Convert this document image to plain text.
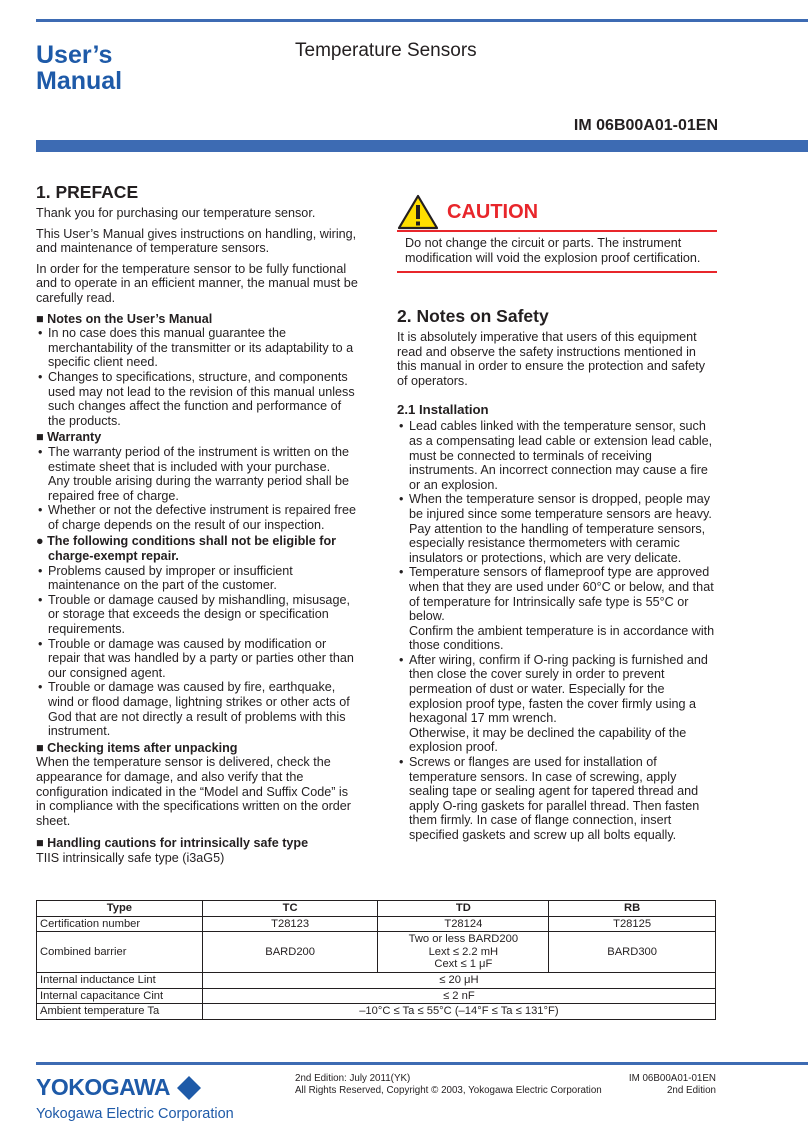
User’s
Manual
Temperature Sensors
IM 06B00A01-01EN
1. PREFACE

Thank you for purchasing our temperature sensor.

This User’s Manual gives instructions on handling, wiring, and maintenance of temperature sensors.

In order for the temperature sensor to be fully functional and to operate in an efficient manner, the manual must be carefully read.

■ Notes on the User’s Manual
• In no case does this manual guarantee the merchantability of the transmitter or its adaptability to a specific client need.
• Changes to specifications, structure, and components used may not lead to the revision of this manual unless such changes affect the function and performance of the products.
■ Warranty
• The warranty period of the instrument is written on the estimate sheet that is included with your purchase.
Any trouble arising during the warranty period shall be repaired free of charge.
• Whether or not the defective instrument is repaired free of charge depends on the result of our inspection.
● The following conditions shall not be eligible for charge-exempt repair.
• Problems caused by improper or insufficient maintenance on the part of the customer.
• Trouble or damage caused by mishandling, misusage, or storage that exceeds the design or specification requirements.
• Trouble or damage was caused by modification or repair that was handled by a party or parties other than our consigned agent.
• Trouble or damage was caused by fire, earthquake, wind or flood damage, lightning strikes or other acts of God that are not directly a result of problems with this instrument.
■ Checking items after unpacking

When the temperature sensor is delivered, check the appearance for damage, and also verify that the configuration indicated in the “Model and Suffix Code” is in compliance with the specifications written on the order sheet.

■ Handling cautions for intrinsically safe type
TIIS intrinsically safe type (i3aG5)
CAUTION
Do not change the circuit or parts. The instrument modification will void the explosion proof certification.
2. Notes on Safety

It is absolutely imperative that users of this equipment read and observe the safety instructions mentioned in this manual in order to ensure the protection and safety of operators.

2.1 Installation
• Lead cables linked with the temperature sensor, such as a compensating lead cable or extension lead cable, must be connected to terminals of receiving instruments. An incorrect connection may cause a fire or an explosion.
• When the temperature sensor is dropped, people may be injured since some temperature sensors are heavy. Pay attention to the handling of temperature sensors, especially resistance thermometers with ceramic insulators or protections, which are very delicate.
• Temperature sensors of flameproof type are approved when that they are used under 60°C or below, and that of temperature for Intrinsically safe type is 55°C or below.
Confirm the ambient temperature is in accordance with those conditions.
• After wiring, confirm if O-ring packing is furnished and then close the cover surely in order to prevent permeation of dust or water. Especially for the explosion proof type, fasten the cover firmly using a hexagonal 17 mm wrench.
Otherwise, it may be declined the capability of the explosion proof.
• Screws or flanges are used for installation of temperature sensors. In case of screwing, apply sealing tape or sealing agent for tapered thread and apply O-ring gaskets for parallel thread. Then fasten them firmly. In case of flange connection, insert specified gaskets and screw up all bolts equally.
Type	TC	TD	RB
Certification number	T28123	T28124	T28125
Combined barrier	BARD200	Two or less BARD200
Lext ≤ 2.2 mH
Cext ≤ 1 μF	BARD300
Internal inductance Lint	≤ 20 μH		
Internal capacitance Cint	≤ 2 nF		
Ambient temperature Ta	–10°C ≤ Ta ≤ 55°C (–14°F ≤ Ta ≤ 131°F)		
YOKOGAWA
Yokogawa Electric Corporation
2nd Edition: July 2011(YK)
All Rights Reserved, Copyright © 2003, Yokogawa Electric Corporation
IM 06B00A01-01EN
2nd Edition
